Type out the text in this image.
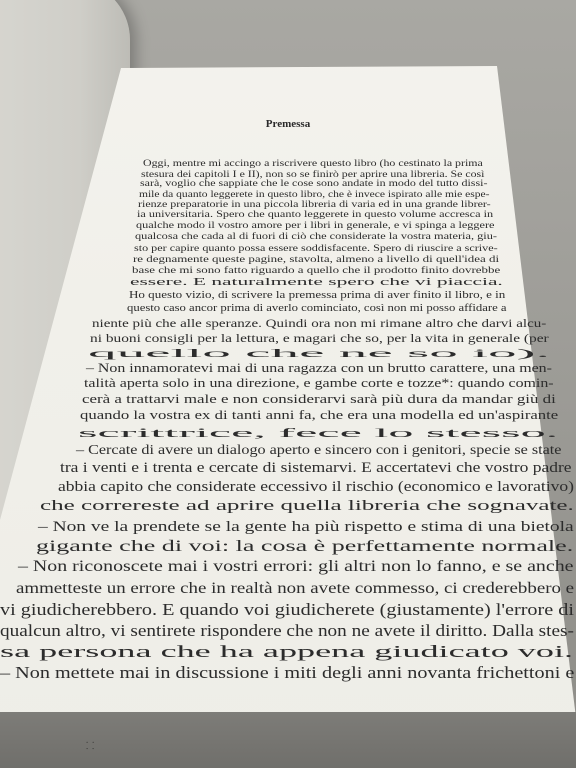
Premessa
Oggi, mentre mi accingo a riscrivere questo libro (ho cestinato la prima
stesura dei capitoli I e II), non so se finirò per aprire una libreria. Se così
sarà, voglio che sappiate che le cose sono andate in modo del tutto dissi-
mile da quanto leggerete in questo libro, che è invece ispirato alle mie espe-
rienze preparatorie in una piccola libreria di varia ed in una grande librer-
ia universitaria. Spero che quanto leggerete in questo volume accresca in
qualche modo il vostro amore per i libri in generale, e vi spinga a leggere
qualcosa che cada al di fuori di ciò che considerate la vostra materia, giu-
sto per capire quanto possa essere soddisfacente. Spero di riuscire a scrive-
re degnamente queste pagine, stavolta, almeno a livello di quell'idea di
base che mi sono fatto riguardo a quello che il prodotto finito dovrebbe
essere. E naturalmente spero che vi piaccia.
Ho questo vizio, di scrivere la premessa prima di aver finito il libro, e in
questo caso ancor prima di averlo cominciato, così non mi posso affidare a
niente più che alle speranze. Quindi ora non mi rimane altro che darvi alcu-
ni buoni consigli per la lettura, e magari che so, per la vita in generale (per
quello che ne so io).
– Non innamoratevi mai di una ragazza con un brutto carattere, una men-
talità aperta solo in una direzione, e gambe corte e tozze*: quando comin-
cerà a trattarvi male e non considerarvi sarà più dura da mandar giù di
quando la vostra ex di tanti anni fa, che era una modella ed un'aspirante
scrittrice, fece lo stesso.
– Cercate di avere un dialogo aperto e sincero con i genitori, specie se state
tra i venti e i trenta e cercate di sistemarvi. E accertatevi che vostro padre
abbia capito che considerate eccessivo il rischio (economico e lavorativo)
che correreste ad aprire quella libreria che sognavate.
– Non ve la prendete se la gente ha più rispetto e stima di una bietola
gigante che di voi: la cosa è perfettamente normale.
– Non riconoscete mai i vostri errori: gli altri non lo fanno, e se anche
ammetteste un errore che in realtà non avete commesso, ci crederebbero e
vi giudicherebbero. E quando voi giudicherete (giustamente) l'errore di
qualcun altro, vi sentirete rispondere che non ne avete il diritto. Dalla stes-
sa persona che ha appena giudicato voi.
– Non mettete mai in discussione i miti degli anni novanta frichettoni e
